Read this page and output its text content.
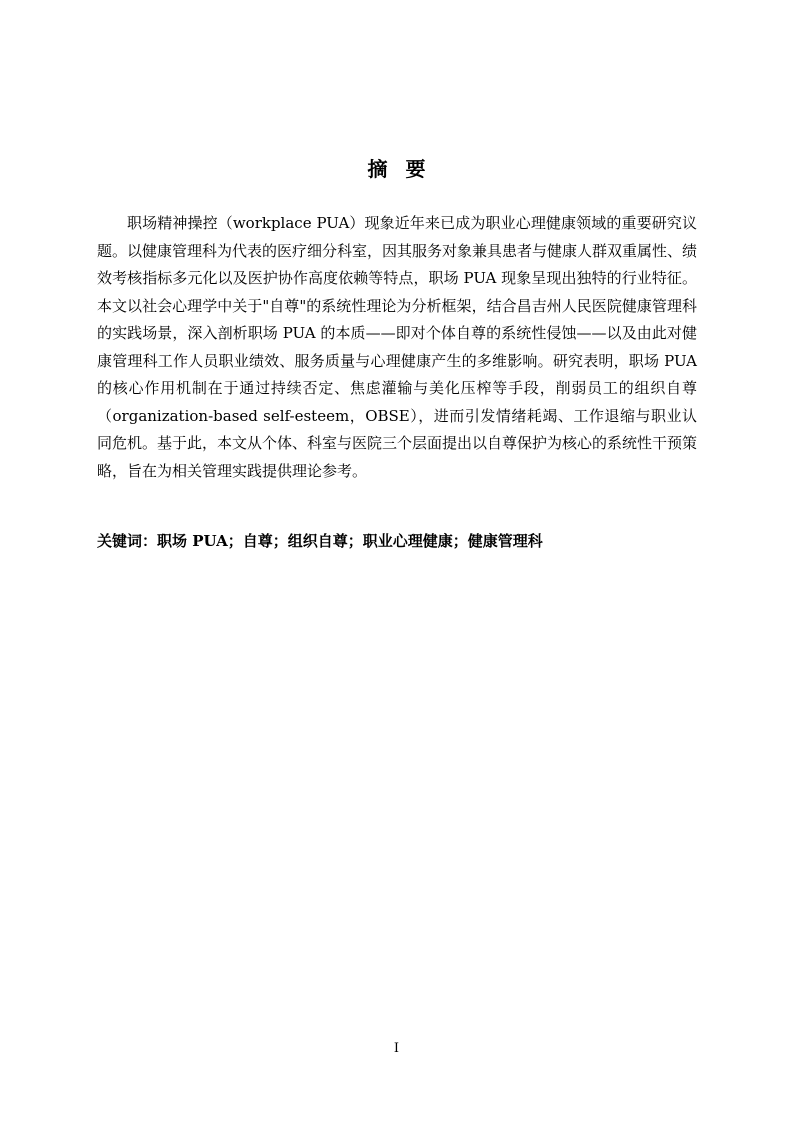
摘要

职场精神操控（workplace PUA）现象近年来已成为职业心理健康领域的重要研究议题。以健康管理科为代表的医疗细分科室，因其服务对象兼具患者与健康人群双重属性、绩效考核指标多元化以及医护协作高度依赖等特点，职场 PUA 现象呈现出独特的行业特征。本文以社会心理学中关于"自尊"的系统性理论为分析框架，结合昌吉州人民医院健康管理科的实践场景，深入剖析职场 PUA 的本质——即对个体自尊的系统性侵蚀——以及由此对健康管理科工作人员职业绩效、服务质量与心理健康产生的多维影响。研究表明，职场 PUA 的核心作用机制在于通过持续否定、焦虑灌输与美化压榨等手段，削弱员工的组织自尊（organization-based self-esteem，OBSE），进而引发情绪耗竭、工作退缩与职业认同危机。基于此，本文从个体、科室与医院三个层面提出以自尊保护为核心的系统性干预策略，旨在为相关管理实践提供理论参考。

关键词：职场 PUA；自尊；组织自尊；职业心理健康；健康管理科
I
